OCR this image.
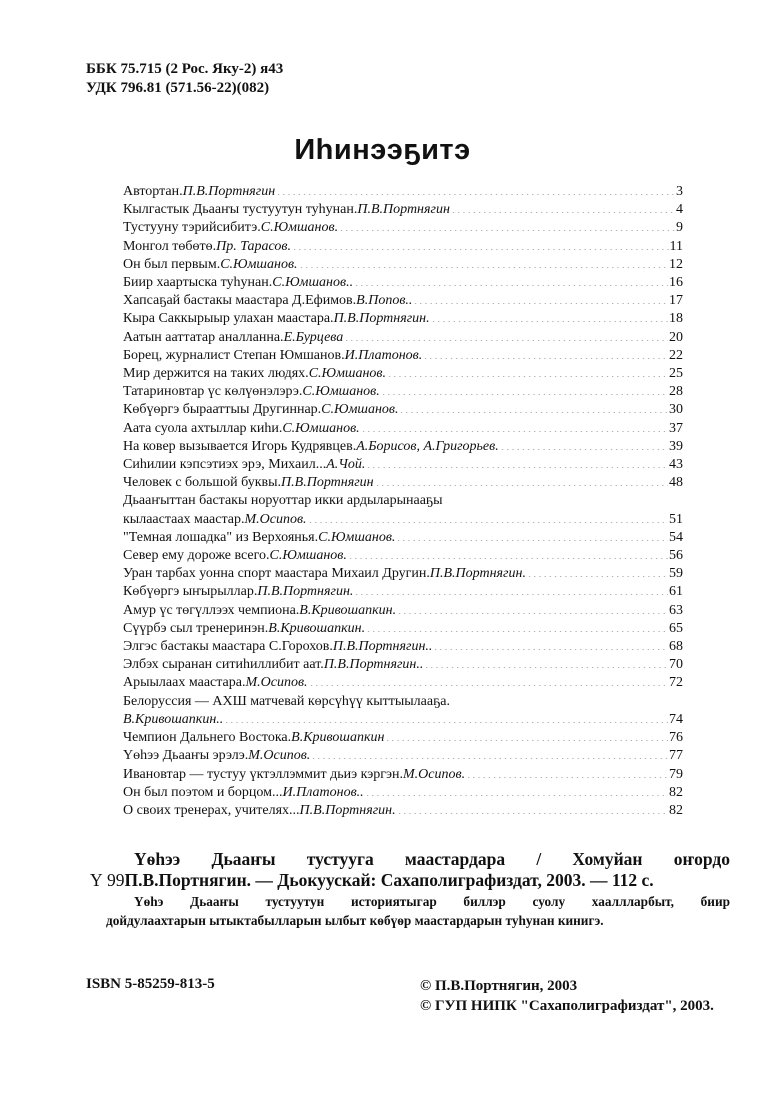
ББК 75.715 (2 Рос. Яку-2) я43
УДК 796.81 (571.56-22)(082)
Иһинээҕитэ
Автортан. П.В.Портнягин	3
Кылгастык Дьааҥы тустуутун туһунан. П.В.Портнягин	4
Тустууну тэрийсибитэ. С.Юмшанов.	9
Монгол тѳбѳтѳ. Пр. Тарасов.	11
Он был первым. С.Юмшанов.	12
Биир хаартыска туһунан. С.Юмшанов..	16
Хапсаҕай бастакы маастара Д.Ефимов. В.Попов..	17
Кыра Саккырыыр улахан маастара. П.В.Портнягин.	18
Аатын ааттатар аналланна. Е.Бурцева	20
Борец, журналист Степан Юмшанов. И.Платонов.	22
Мир держится на таких людях. С.Юмшанов.	25
Татариновтар үс кѳлүѳнэлэрэ. С.Юмшанов.	28
Кѳбүѳргэ бырааттыы Другиннар. С.Юмшанов.	30
Аата суола ахтыллар киһи. С.Юмшанов.	37
На ковер вызывается Игорь Кудрявцев. А.Борисов, А.Григорьев.	39
Сиһилии кэпсэтиэх эрэ, Михаил... А.Чой.	43
Человек с большой буквы. П.В.Портнягин	48
Дьааҥыттан бастакы норуоттар икки ардыларынааҕы
кылаастаах маастар. М.Осипов.	51
"Темная лошадка" из Верхоянья. С.Юмшанов.	54
Север ему дороже всего. С.Юмшанов.	56
Уран тарбах уонна спорт маастара Михаил Другин. П.В.Портнягин.	59
Кѳбүѳргэ ыҥырыллар. П.В.Портнягин.	61
Амур үс тѳгүллээх чемпиона. В.Кривошапкин.	63
Сүүрбэ сыл тренеринэн. В.Кривошапкин.	65
Элгэс бастакы маастара С.Горохов. П.В.Портнягин..	68
Элбэх сыранан ситиһиллибит аат. П.В.Портнягин..	70
Арыылаах маастара. М.Осипов.	72
Белоруссия — АХШ матчевай кѳрсүһүү кыттыылааҕа.
В.Кривошапкин..	74
Чемпион Дальнего Востока. В.Кривошапкин	76
Үѳһээ Дьааҥы эрэлэ. М.Осипов.	77
Ивановтар — тустуу үктэллэммит дьиэ кэргэн. М.Осипов.	79
Он был поэтом и борцом... И.Платонов..	82
О своих тренерах, учителях... П.В.Портнягин.	82
Үѳһээ Дьааҥы тустууга маастардара / Хомуйан оҥордо
Ү 99П.В.Портнягин. — Дьокуускай: Сахаполиграфиздат, 2003. — 112 с.
Үѳһэ Дьааҥы тустуутун историятыгар биллэр суолу хааллларбыт, биир
дойдулаахтарын ытыктабылларын ылбыт кѳбүѳр маастардарын туһунан кинигэ.
ISBN 5-85259-813-5	© П.В.Портнягин, 2003
© ГУП НИПК "Сахаполиграфиздат", 2003.
